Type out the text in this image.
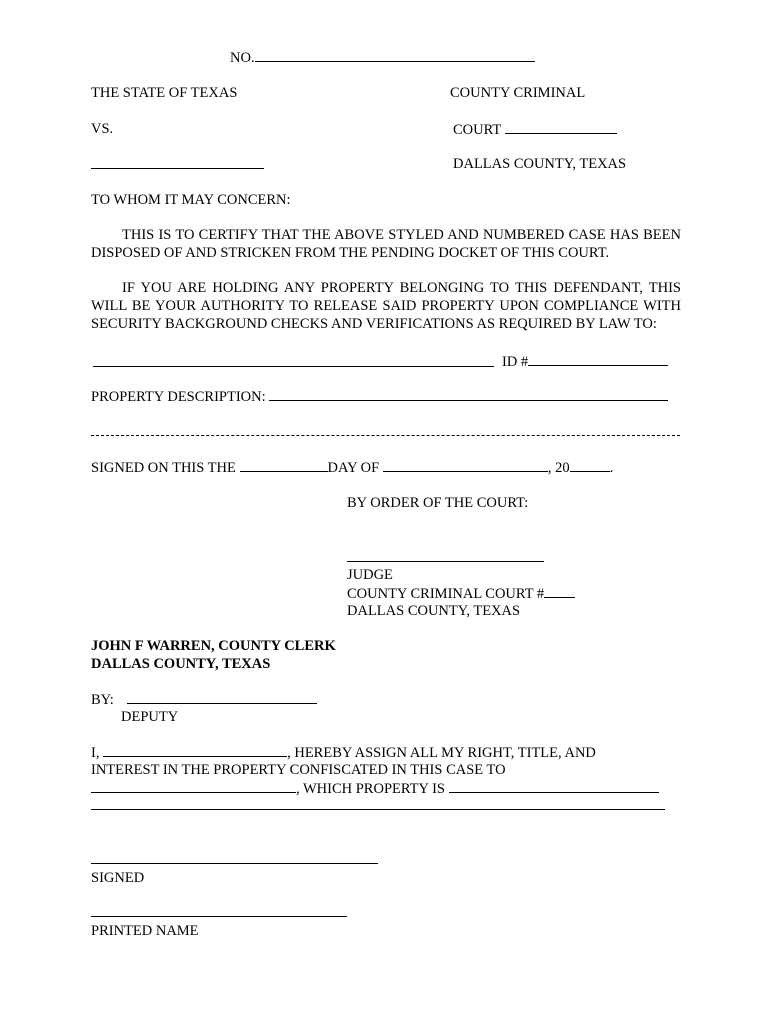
NO.
THE STATE OF TEXAS	COUNTY CRIMINAL
VS.	COURT
DALLAS COUNTY, TEXAS
TO WHOM IT MAY CONCERN:
THIS IS TO CERTIFY THAT THE ABOVE STYLED AND NUMBERED CASE HAS BEEN DISPOSED OF AND STRICKEN FROM THE PENDING DOCKET OF THIS COURT.
IF YOU ARE HOLDING ANY PROPERTY BELONGING TO THIS DEFENDANT, THIS WILL BE YOUR AUTHORITY TO RELEASE SAID PROPERTY UPON COMPLIANCE WITH SECURITY BACKGROUND CHECKS AND VERIFICATIONS AS REQUIRED BY LAW TO:
ID #
PROPERTY DESCRIPTION:
SIGNED ON THIS THE	DAY OF	, 20	.
BY ORDER OF THE COURT:
JUDGE
COUNTY CRIMINAL COURT #
DALLAS COUNTY, TEXAS
JOHN F WARREN, COUNTY CLERK
DALLAS COUNTY, TEXAS
BY:
DEPUTY
I,	, HEREBY ASSIGN ALL MY RIGHT, TITLE, AND
INTEREST IN THE PROPERTY CONFISCATED IN THIS CASE TO
, WHICH PROPERTY IS
SIGNED
PRINTED NAME
